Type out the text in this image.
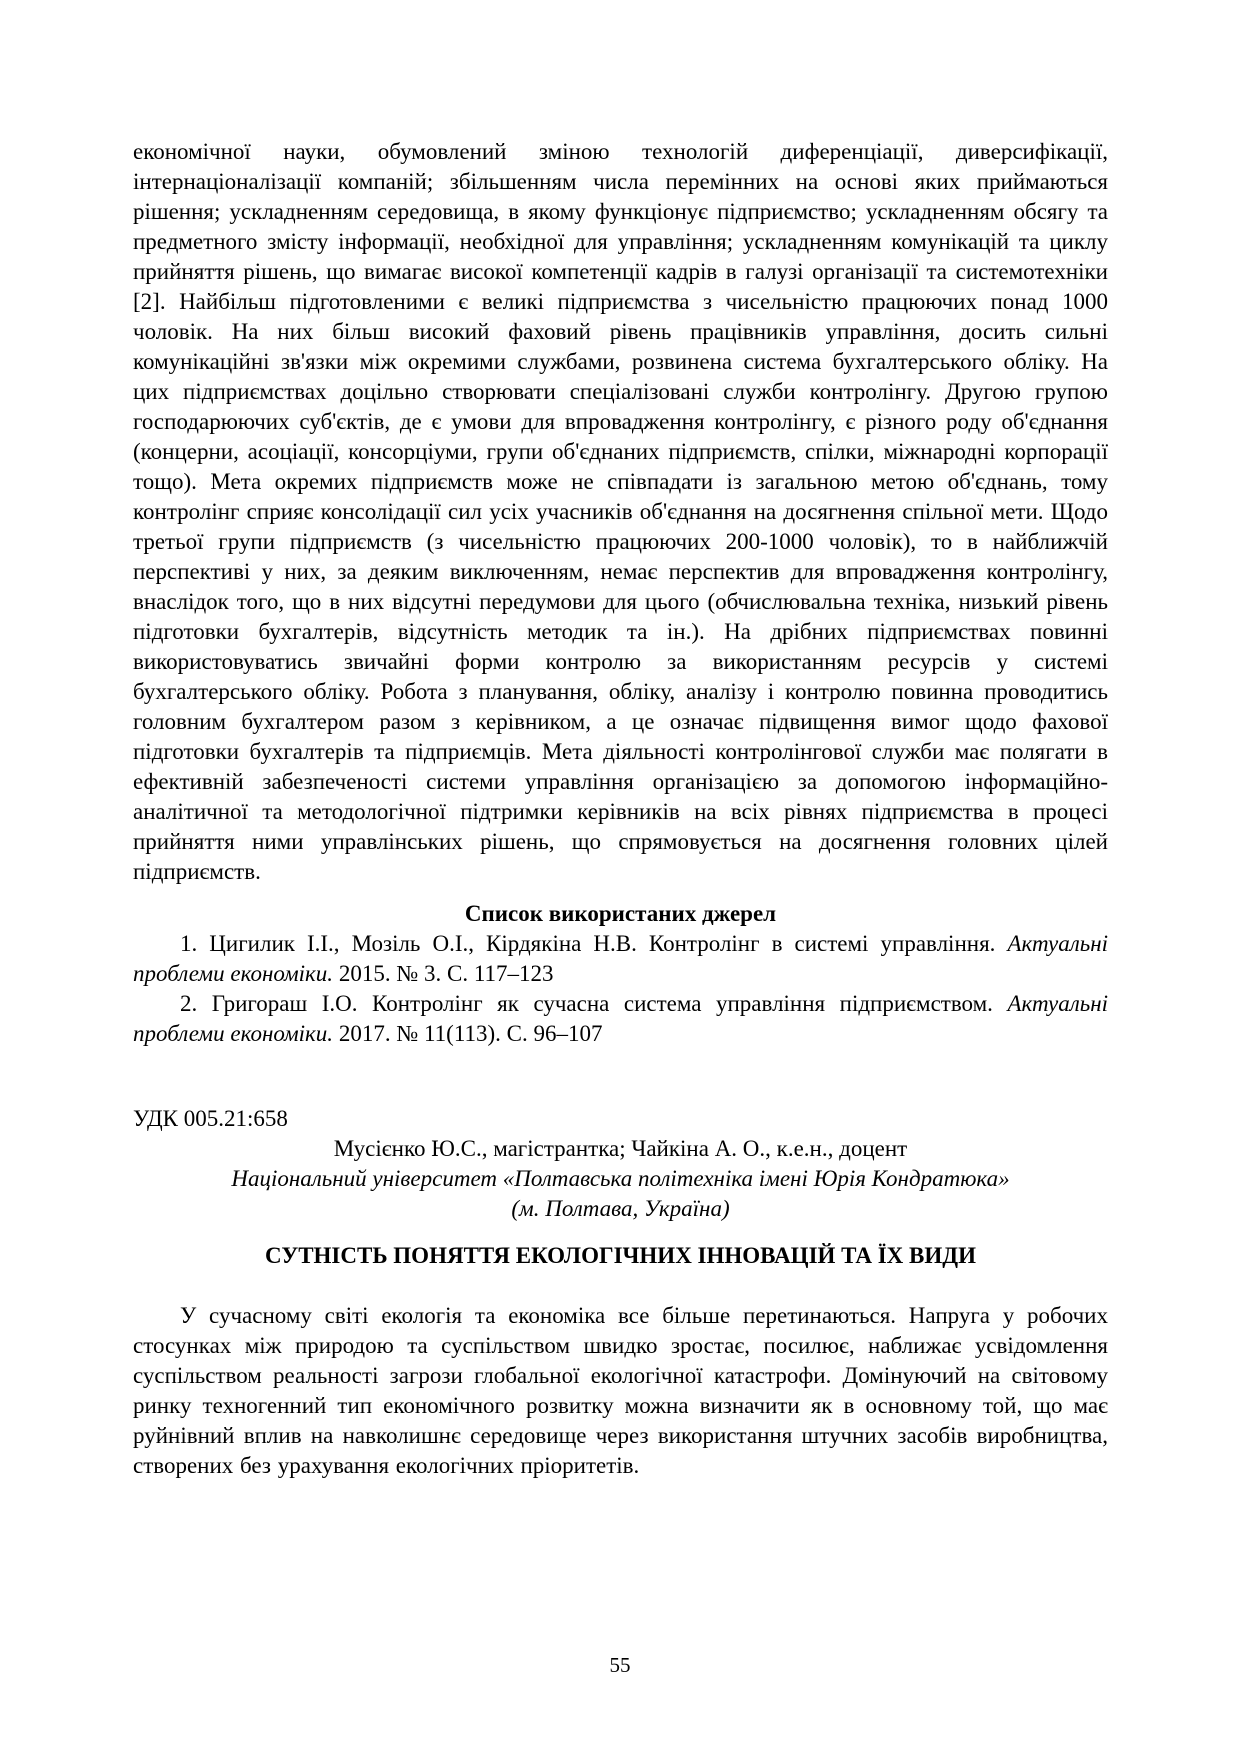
економічної науки, обумовлений зміною технологій диференціації, диверсифікації, інтернаціоналізації компаній; збільшенням числа перемінних на основі яких приймаються рішення; ускладненням середовища, в якому функціонує підприємство; ускладненням обсягу та предметного змісту інформації, необхідної для управління; ускладненням комунікацій та циклу прийняття рішень, що вимагає високої компетенції кадрів в галузі організації та системотехніки [2]. Найбільш підготовленими є великі підприємства з чисельністю працюючих понад 1000 чоловік. На них більш високий фаховий рівень працівників управління, досить сильні комунікаційні зв'язки між окремими службами, розвинена система бухгалтерського обліку. На цих підприємствах доцільно створювати спеціалізовані служби контролінгу. Другою групою господарюючих суб'єктів, де є умови для впровадження контролінгу, є різного роду об'єднання (концерни, асоціації, консорціуми, групи об'єднаних підприємств, спілки, міжнародні корпорації тощо). Мета окремих підприємств може не співпадати із загальною метою об'єднань, тому контролінг сприяє консолідації сил усіх учасників об'єднання на досягнення спільної мети. Щодо третьої групи підприємств (з чисельністю працюючих 200-1000 чоловік), то в найближчій перспективі у них, за деяким виключенням, немає перспектив для впровадження контролінгу, внаслідок того, що в них відсутні передумови для цього (обчислювальна техніка, низький рівень підготовки бухгалтерів, відсутність методик та ін.). На дрібних підприємствах повинні використовуватись звичайні форми контролю за використанням ресурсів у системі бухгалтерського обліку. Робота з планування, обліку, аналізу і контролю повинна проводитись головним бухгалтером разом з керівником, а це означає підвищення вимог щодо фахової підготовки бухгалтерів та підприємців. Мета діяльності контролінгової служби має полягати в ефективній забезпеченості системи управління організацією за допомогою інформаційно-аналітичної та методологічної підтримки керівників на всіх рівнях підприємства в процесі прийняття ними управлінських рішень, що спрямовується на досягнення головних цілей підприємств.

Список використаних джерел

1. Цигилик І.І., Мозіль О.І., Кірдякіна Н.В. Контролінг в системі управління. Актуальні проблеми економіки. 2015. № 3. С. 117–123

2. Григораш І.О. Контролінг як сучасна система управління підприємством. Актуальні проблеми економіки. 2017. № 11(113). С. 96–107

УДК 005.21:658

Мусієнко Ю.С., магістрантка; Чайкіна А. О., к.е.н., доцент

Національний університет «Полтавська політехніка імені Юрія Кондратюка»

(м. Полтава, Україна)

СУТНІСТЬ ПОНЯТТЯ ЕКОЛОГІЧНИХ ІННОВАЦІЙ ТА ЇХ ВИДИ

У сучасному світі екологія та економіка все більше перетинаються. Напруга у робочих стосунках між природою та суспільством швидко зростає, посилює, наближає усвідомлення суспільством реальності загрози глобальної екологічної катастрофи. Домінуючий на світовому ринку техногенний тип економічного розвитку можна визначити як в основному той, що має руйнівний вплив на навколишнє середовище через використання штучних засобів виробництва, створених без урахування екологічних пріоритетів.

55
